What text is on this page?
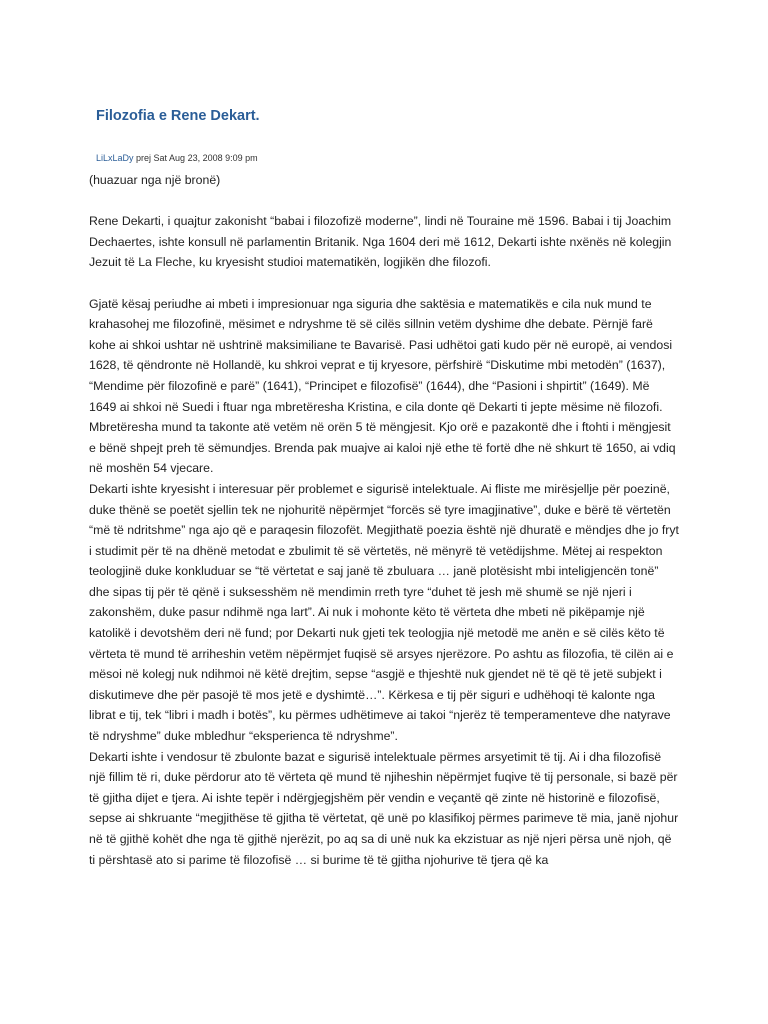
Filozofia e Rene Dekart.
LiLxLaDy prej Sat Aug 23, 2008 9:09 pm

(huazuar nga një bronë)

Rene Dekarti, i quajtur zakonisht “babai i filozofizë moderne”, lindi në Touraine më 1596. Babai i tij Joachim Dechaertes, ishte konsull në parlamentin Britanik. Nga 1604 deri më 1612, Dekarti ishte nxënës në kolegjin Jezuit të La Fleche, ku kryesisht studioi matematikën, logjikën dhe filozofi.

Gjatë kësaj periudhe ai mbeti i impresionuar nga siguria dhe saktësia e matematikës e cila nuk mund te krahasohej me filozofinë, mësimet e ndryshme të së cilës sillnin vetëm dyshime dhe debate. Përnjë farë kohe ai shkoi ushtar në ushtrinë maksimiliane te Bavarisë. Pasi udhëtoi gati kudo për në europë, ai vendosi 1628, të qëndronte në Hollandë, ku shkroi veprat e tij kryesore, përfshirë “Diskutime mbi metodën” (1637), “Mendime për filozofinë e parë” (1641), “Principet e filozofisë” (1644), dhe “Pasioni i shpirtit” (1649). Më 1649 ai shkoi në Suedi i ftuar nga mbretëresha Kristina, e cila donte që Dekarti ti jepte mësime në filozofi. Mbretëresha mund ta takonte atë vetëm në orën 5 të mëngjesit. Kjo orë e pazakontë dhe i ftohti i mëngjesit e bënë shpejt preh të sëmundjes. Brenda pak muajve ai kaloi një ethe të fortë dhe në shkurt të 1650, ai vdiq në moshën 54 vjecare.

Dekarti ishte kryesisht i interesuar për problemet e sigurisë intelektuale. Ai fliste me mirësjellje për poezinë, duke thënë se poetët sjellin tek ne njohuritë nëpërmjet “forcës së tyre imagjinative”, duke e bërë të vërtetën “më të ndritshme” nga ajo që e paraqesin filozofët. Megjithatë poezia është një dhuratë e mëndjes dhe jo fryt i studimit për të na dhënë metodat e zbulimit të së vërtetës, në mënyrë të vetëdijshme. Mëtej ai respekton teologjinë duke konkluduar se “të vërtetat e saj janë të zbuluara … janë plotësisht mbi inteligjencën tonë” dhe sipas tij për të qënë i suksesshëm në mendimin rreth tyre “duhet të jesh më shumë se një njeri i zakonshëm, duke pasur ndihmë nga lart”. Ai nuk i mohonte këto të vërteta dhe mbeti në pikëpamje një katolikë i devotshëm deri në fund; por Dekarti nuk gjeti tek teologjia një metodë me anën e së cilës këto të vërteta të mund të arriheshin vetëm nëpërmjet fuqisë së arsyes njerëzore. Po ashtu as filozofia, të cilën ai e mësoi në kolegj nuk ndihmoi në këtë drejtim, sepse “asgjë e thjeshtë nuk gjendet në të që të jetë subjekt i diskutimeve dhe për pasojë të mos jetë e dyshimtë…”. Kërkesa e tij për siguri e udhëhoqi të kalonte nga librat e tij, tek “libri i madh i botës”, ku përmes udhëtimeve ai takoi “njerëz të temperamenteve dhe natyrave të ndryshme” duke mbledhur “eksperienca të ndryshme”.

Dekarti ishte i vendosur të zbulonte bazat e sigurisë intelektuale përmes arsyetimit të tij. Ai i dha filozofisë një fillim të ri, duke përdorur ato të vërteta që mund të njiheshin nëpërmjet fuqive të tij personale, si bazë për të gjitha dijet e tjera. Ai ishte tepër i ndërgjegjshëm për vendin e veçantë që zinte në historinë e filozofisë, sepse ai shkruante “megjithëse të gjitha të vërtetat, që unë po klasifikoj përmes parimeve të mia, janë njohur në të gjithë kohët dhe nga të gjithë njerëzit, po aq sa di unë nuk ka ekzistuar as një njeri përsa unë njoh, që ti përshtasë ato si parime të filozofisë … si burime të të gjitha njohurive të tjera që ka
